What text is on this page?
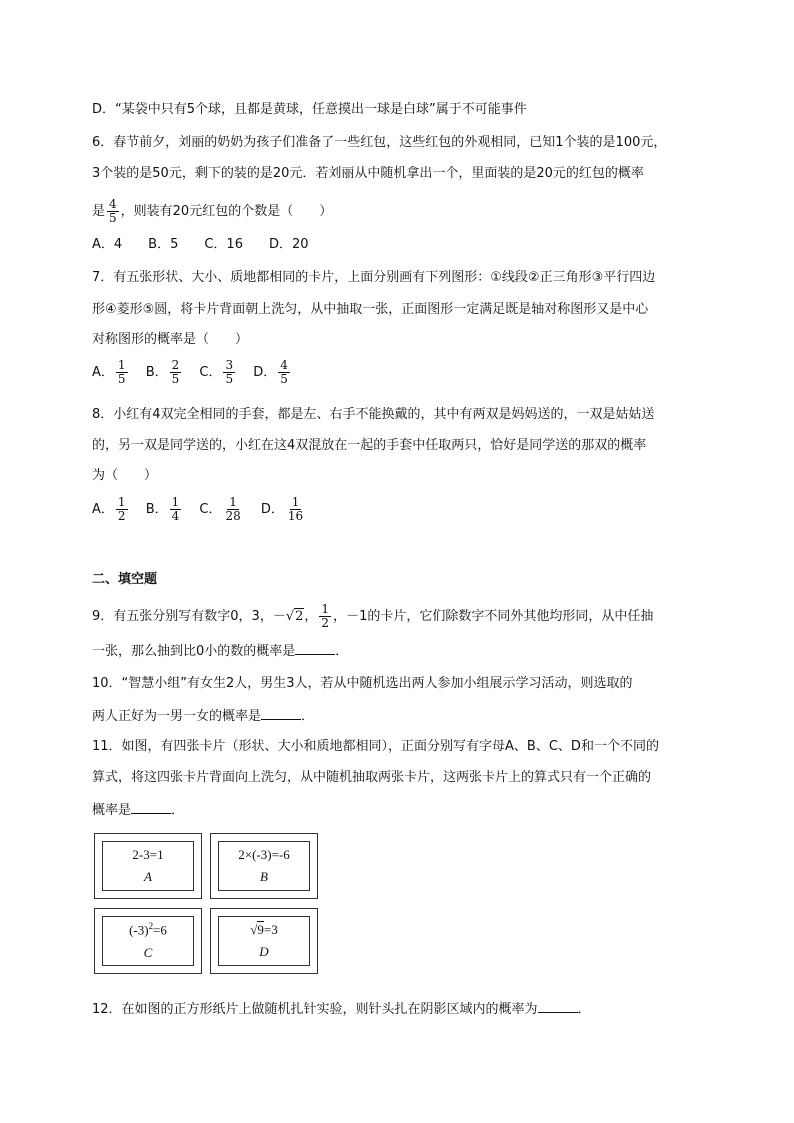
D．“某袋中只有5个球，且都是黄球，任意摸出一球是白球”属于不可能事件
6．春节前夕，刘丽的奶奶为孩子们准备了一些红包，这些红包的外观相同，已知1个装的是100元，
3个装的是50元，剩下的装的是20元．若刘丽从中随机拿出一个，里面装的是20元的红包的概率
是 $\frac{4}{5}$ ，则装有20元红包的个数是（　　）
A．4　　B．5　　C．16　　D．20
7．有五张形状、大小、质地都相同的卡片，上面分别画有下列图形：①线段②正三角形③平行四边
形④菱形⑤圆，将卡片背面朝上洗匀，从中抽取一张，正面图形一定满足既是轴对称图形又是中心
对称图形的概率是（　　）
A． $\frac{1}{5}$ B． $\frac{2}{5}$ C． $\frac{3}{5}$ D． $\frac{4}{5}$
8．小红有4双完全相同的手套，都是左、右手不能换戴的，其中有两双是妈妈送的，一双是姑姑送
的，另一双是同学送的，小红在这4双混放在一起的手套中任取两只，恰好是同学送的那双的概率
为（　　）
A． $\frac{1}{2}$ B． $\frac{1}{4}$ C． $\frac{1}{28}$ D． $\frac{1}{16}$
二、填空题
9．有五张分别写有数字0，3，－√2， $\frac{1}{2}$ ，－1的卡片，它们除数字不同外其他均形同，从中任抽
一张，那么抽到比0小的数的概率是	．
10．“智慧小组”有女生2人，男生3人，若从中随机选出两人参加小组展示学习活动，则选取的
两人正好为一男一女的概率是	．
11．如图，有四张卡片（形状、大小和质地都相同），正面分别写有字母A、B、C、D和一个不同的
算式，将这四张卡片背面向上洗匀，从中随机抽取两张卡片，这两张卡片上的算式只有一个正确的
概率是	．
2-3=1
A
2×(-3)=-6
B
$(-3)^2=6$
C
√9=3
D
12．在如图的正方形纸片上做随机扎针实验，则针头扎在阴影区域内的概率为	．
